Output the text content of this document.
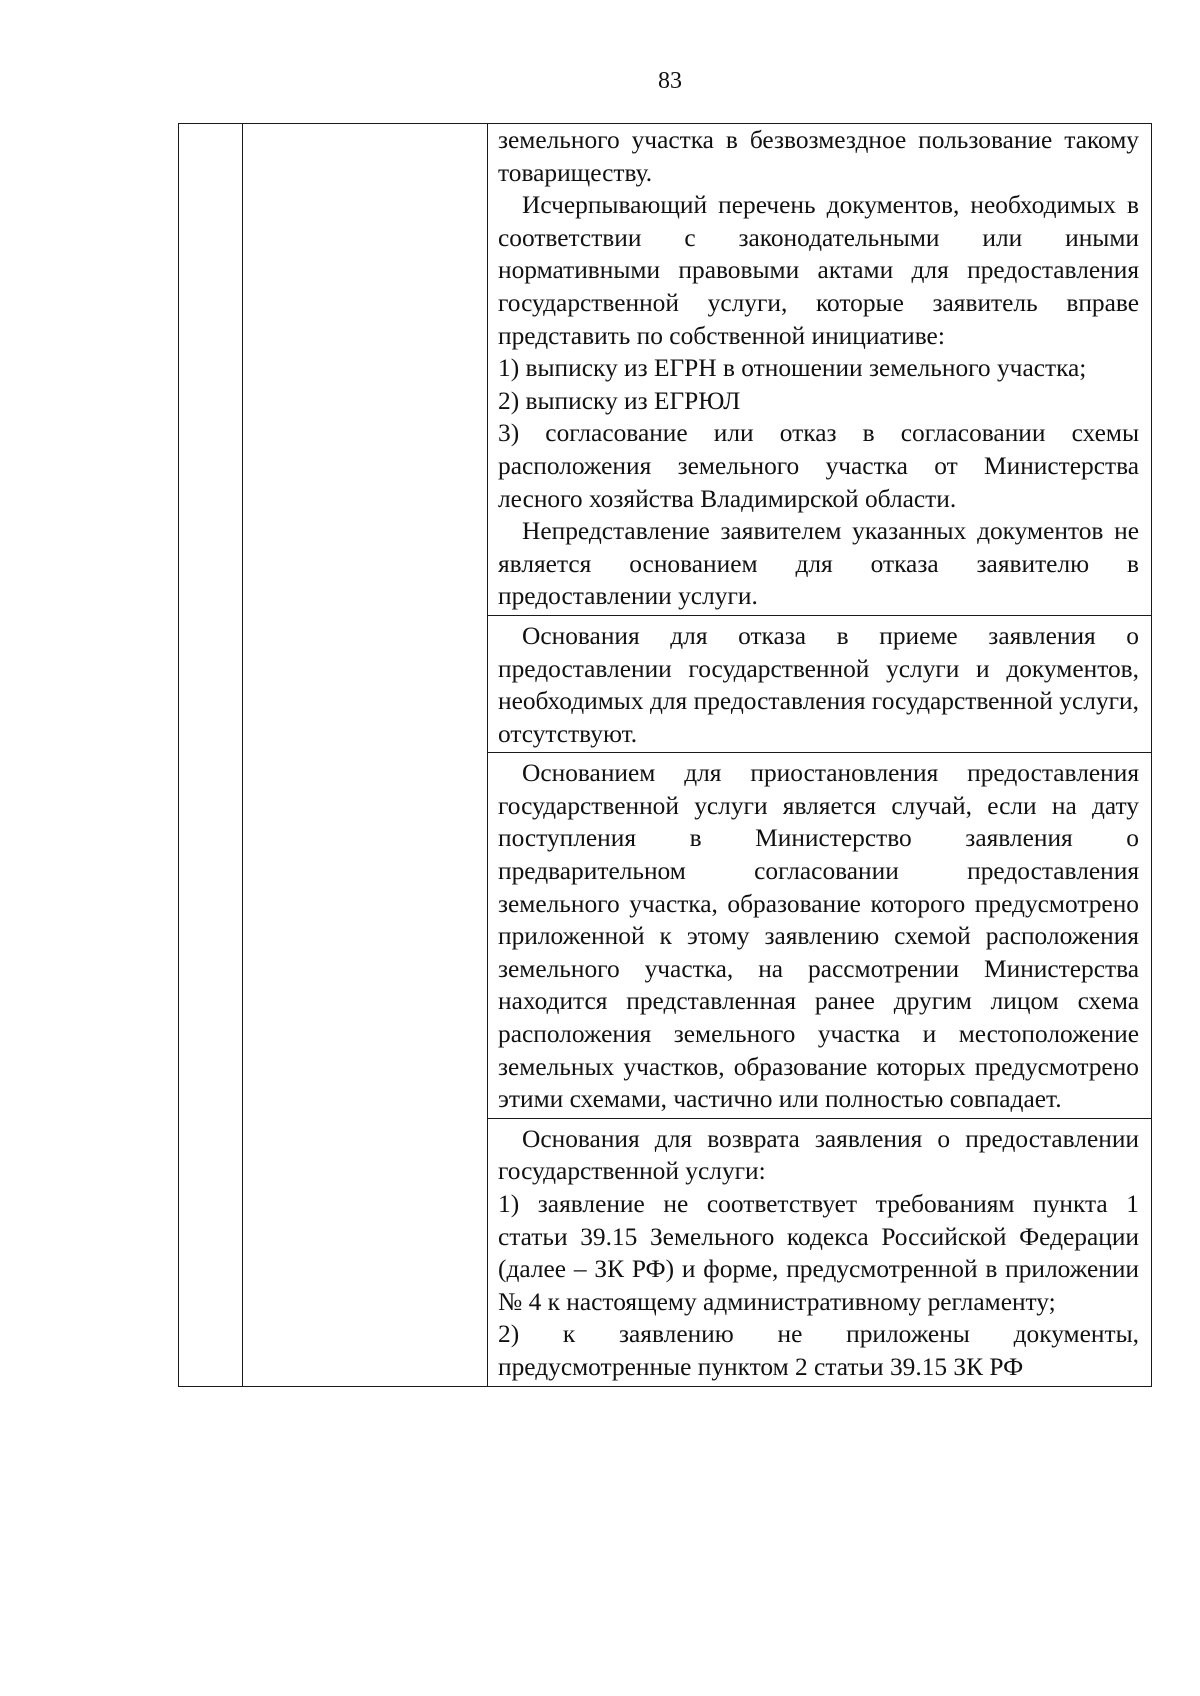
83

земельного участка в безвозмездное пользование такому товариществу.

Исчерпывающий перечень документов, необходимых в соответствии с законодательными или иными нормативными правовыми актами для предоставления государственной услуги, которые заявитель вправе представить по собственной инициативе:

1) выписку из ЕГРН в отношении земельного участка;

2) выписку из ЕГРЮЛ

3) согласование или отказ в согласовании схемы расположения земельного участка от Министерства лесного хозяйства Владимирской области.

Непредставление заявителем указанных документов не является основанием для отказа заявителю в предоставлении услуги.

Основания для отказа в приеме заявления о предоставлении государственной услуги и документов, необходимых для предоставления государственной услуги, отсутствуют.

Основанием для приостановления предоставления государственной услуги является случай, если на дату поступления в Министерство заявления о предварительном согласовании предоставления земельного участка, образование которого предусмотрено приложенной к этому заявлению схемой расположения земельного участка, на рассмотрении Министерства находится представленная ранее другим лицом схема расположения земельного участка и местоположение земельных участков, образование которых предусмотрено этими схемами, частично или полностью совпадает.

Основания для возврата заявления о предоставлении государственной услуги:

1) заявление не соответствует требованиям пункта 1 статьи 39.15 Земельного кодекса Российской Федерации (далее – ЗК РФ) и форме, предусмотренной в приложении № 4 к настоящему административному регламенту;

2) к заявлению не приложены документы, предусмотренные пунктом 2 статьи 39.15 ЗК РФ
